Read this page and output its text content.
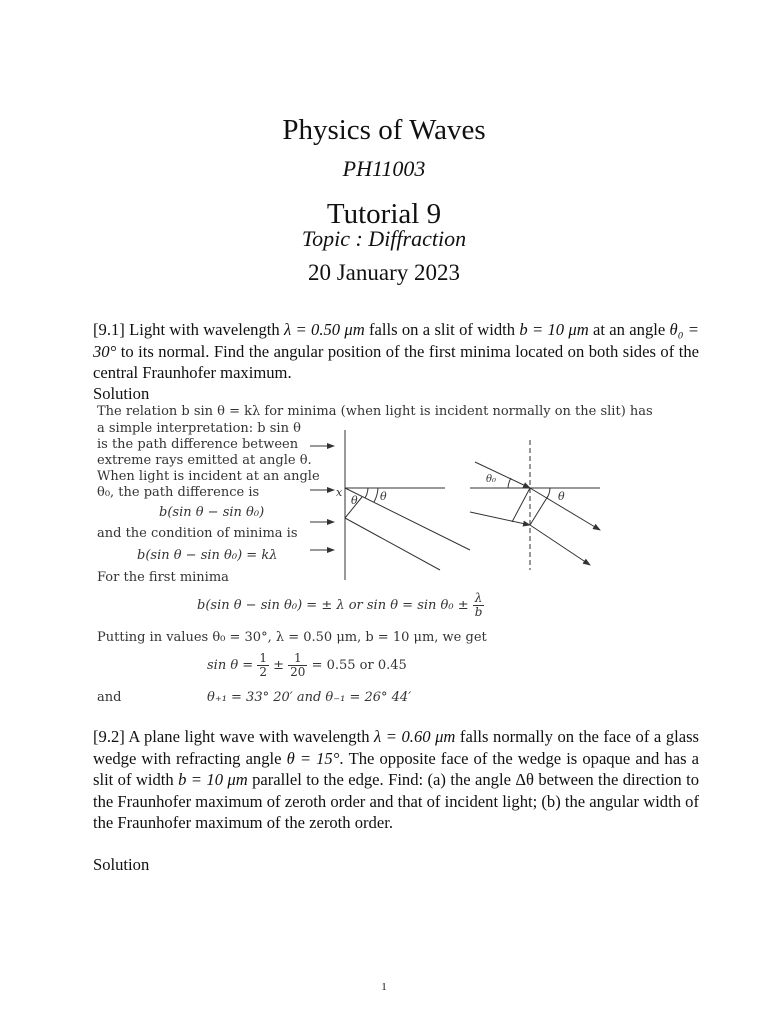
Physics of Waves
PH11003
Tutorial 9
Topic : Diffraction
20 January 2023

[9.1] Light with wavelength λ = 0.50 μm falls on a slit of width b = 10 μm at an angle θ₀ = 30° to its normal. Find the angular position of the first minima located on both sides of the central Fraunhofer maximum.

Solution
The relation b sin θ = kλ for minima (when light is incident normally on the slit) has
a simple interpretation: b sin θ
is the path difference between
extreme rays emitted at angle θ.
When light is incident at an angle
θ₀, the path difference is
b(sin θ − sin θ₀)
and the condition of minima is
b(sin θ − sin θ₀) = kλ
For the first minima
b(sin θ − sin θ₀) = ± λ or $\sin \theta = \sin \theta_0 \pm \frac{\lambda}{b}$
Putting in values θ₀ = 30°, λ = 0.50 μm, b = 10 μm, we get
$\sin \theta = \frac{1}{2} \pm \frac{1}{20} = 0.55$ or 0.45
and	θ₊₁ = 33° 20′ and θ₋₁ = 26° 44′
x
θ θ	θ
θ₀

[9.2] A plane light wave with wavelength λ = 0.60 μm falls normally on the face of a glass wedge with refracting angle θ = 15°. The opposite face of the wedge is opaque and has a slit of width b = 10 μm parallel to the edge. Find: (a) the angle Δθ between the direction to the Fraunhofer maximum of zeroth order and that of incident light; (b) the angular width of the Fraunhofer maximum of the zeroth order.

Solution
1
